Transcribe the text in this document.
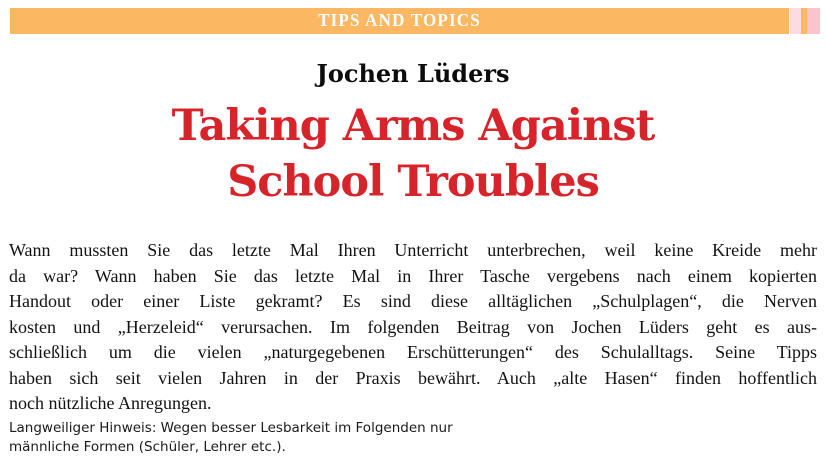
TIPS AND TOPICS
Jochen Lüders
Taking Arms Against
School Troubles
Wann mussten Sie das letzte Mal Ihren Unterricht unterbrechen, weil keine Kreide mehr
da war? Wann haben Sie das letzte Mal in Ihrer Tasche vergebens nach einem kopierten
Handout oder einer Liste gekramt? Es sind diese alltäglichen „Schulplagen“, die Nerven
kosten und „Herzeleid“ verursachen. Im folgenden Beitrag von Jochen Lüders geht es aus-
schließlich um die vielen „naturgegebenen Erschütterungen“ des Schulalltags. Seine Tipps
haben sich seit vielen Jahren in der Praxis bewährt. Auch „alte Hasen“ finden hoffentlich
noch nützliche Anregungen.
Langweiliger Hinweis: Wegen besser Lesbarkeit im Folgenden nur
männliche Formen (Schüler, Lehrer etc.).
